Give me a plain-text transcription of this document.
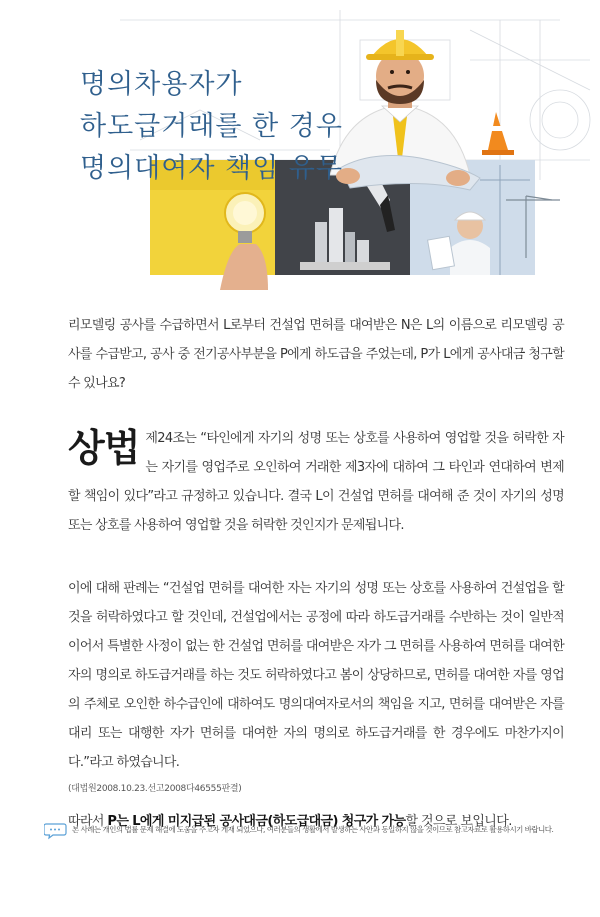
명의차용자가
하도급거래를 한 경우
명의대여자 책임 유무

리모델링 공사를 수급하면서 L로부터 건설업 면허를 대여받은 N은 L의 이름으로 리모델링 공사를 수급받고, 공사 중 전기공사부분을 P에게 하도급을 주었는데, P가 L에게 공사대금 청구할 수 있나요?

상법 제24조는 “타인에게 자기의 성명 또는 상호를 사용하여 영업할 것을 허락한 자는 자기를 영업주로 오인하여 거래한 제3자에 대하여 그 타인과 연대하여 변제할 책임이 있다”라고 규정하고 있습니다. 결국 L이 건설업 면허를 대여해 준 것이 자기의 성명 또는 상호를 사용하여 영업할 것을 허락한 것인지가 문제됩니다.

이에 대해 판례는 “건설업 면허를 대여한 자는 자기의 성명 또는 상호를 사용하여 건설업을 할 것을 허락하였다고 할 것인데, 건설업에서는 공정에 따라 하도급거래를 수반하는 것이 일반적이어서 특별한 사정이 없는 한 건설업 면허를 대여받은 자가 그 면허를 사용하여 면허를 대여한 자의 명의로 하도급거래를 하는 것도 허락하였다고 봄이 상당하므로, 면허를 대여한 자를 영업의 주체로 오인한 하수급인에 대하여도 명의대여자로서의 책임을 지고, 면허를 대여받은 자를 대리 또는 대행한 자가 면허를 대여한 자의 명의로 하도급거래를 한 경우에도 마찬가지이다.”라고 하였습니다.

(대법원2008.10.23.선고2008다46555판결)

따라서 P는 L에게 미지급된 공사대금(하도급대금) 청구가 가능할 것으로 보입니다.

본 사례는 개인의 법률 문제 해결에 도움을 주고자 게재 되었으나, 여러분들의 생활에서 발생하는 사안과 동일하지 않을 것이므로 참고자료로 활용하시기 바랍니다.
